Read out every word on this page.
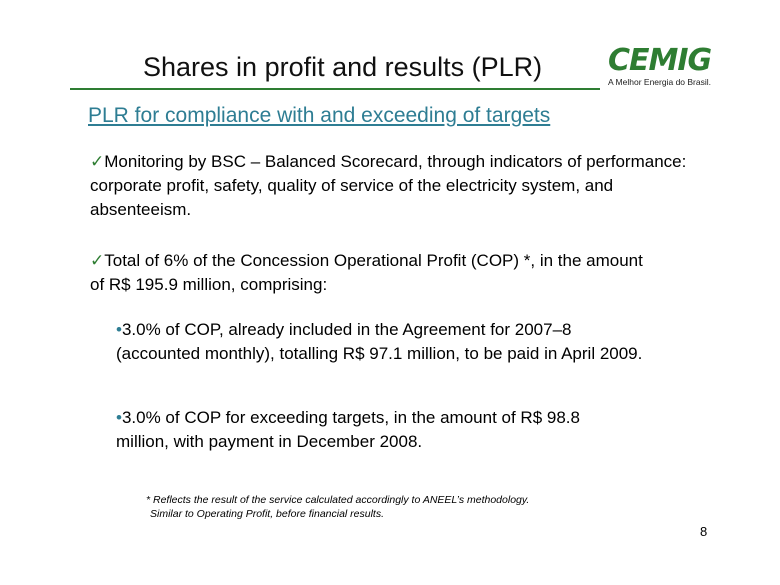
Shares in profit and results (PLR) CEMIG
A Melhor Energia do Brasil.
PLR for compliance with and exceeding of targets
✓Monitoring by BSC – Balanced Scorecard, through indicators of performance: corporate profit, safety, quality of service of the electricity system, and absenteeism.
✓Total of 6% of the Concession Operational Profit (COP) *, in the amount of R$ 195.9 million, comprising:
•3.0% of COP, already included in the Agreement for 2007–8 (accounted monthly), totalling R$ 97.1 million, to be paid in April 2009.
•3.0% of COP for exceeding targets, in the amount of R$ 98.8 million, with payment in December 2008.
* Reflects the result of the service calculated accordingly to ANEEL’s methodology.
Similar to Operating Profit, before financial results.
8
